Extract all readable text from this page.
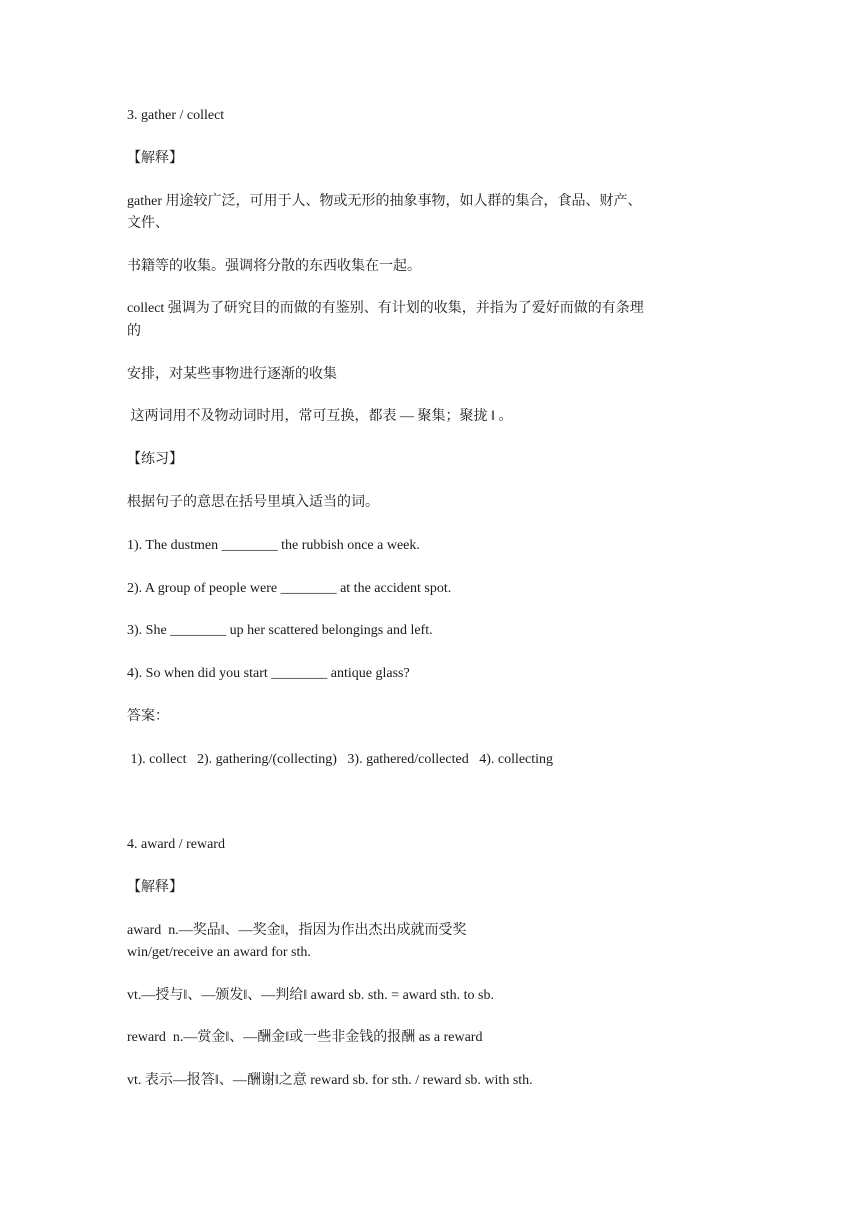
3. gather / collect
【解释】
gather 用途较广泛，可用于人、物或无形的抽象事物，如人群的集合，食品、财产、
文件、
书籍等的收集。强调将分散的东西收集在一起。
collect 强调为了研究目的而做的有鉴别、有计划的收集，并指为了爱好而做的有条理
的
安排，对某些事物进行逐渐的收集
这两词用不及物动词时用，常可互换，都表 ― 聚集；聚拢 ‖ 。
【练习】
根据句子的意思在括号里填入适当的词。
1). The dustmen ________ the rubbish once a week.
2). A group of people were ________ at the accident spot.
3). She ________ up her scattered belongings and left.
4). So when did you start ________ antique glass?
答案：
1). collect   2). gathering/(collecting)   3). gathered/collected   4). collecting
4. award / reward
【解释】
award  n.―奖品‖、―奖金‖，指因为作出杰出成就而受奖
win/get/receive an award for sth.
vt.―授与‖、―颁发‖、―判给‖ award sb. sth. = award sth. to sb.
reward  n.―赏金‖、―酬金‖或一些非金钱的报酬 as a reward
vt. 表示―报答‖、―酬谢‖之意 reward sb. for sth. / reward sb. with sth.
